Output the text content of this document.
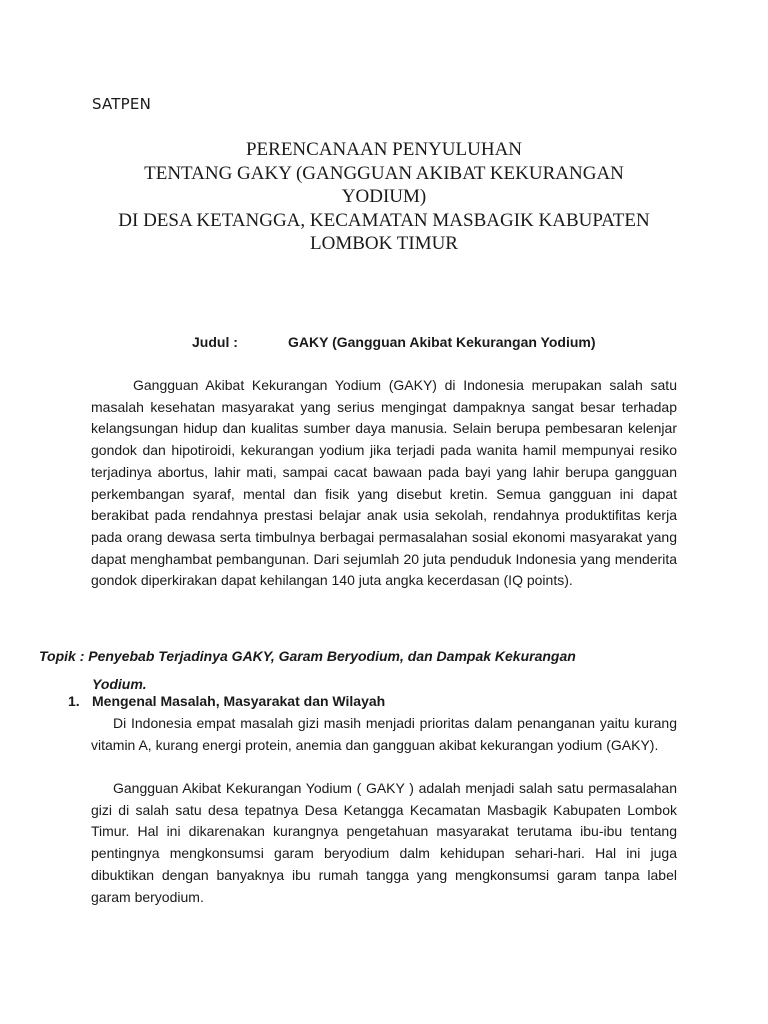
SATPEN
PERENCANAAN PENYULUHAN
TENTANG GAKY (GANGGUAN AKIBAT KEKURANGAN
YODIUM)
DI DESA KETANGGA, KECAMATAN MASBAGIK KABUPATEN
LOMBOK TIMUR
Judul :	GAKY (Gangguan Akibat Kekurangan Yodium)

Gangguan Akibat Kekurangan Yodium (GAKY) di Indonesia merupakan salah satu masalah kesehatan masyarakat yang serius mengingat dampaknya sangat besar terhadap kelangsungan hidup dan kualitas sumber daya manusia. Selain berupa pembesaran kelenjar gondok dan hipotiroidi, kekurangan yodium jika terjadi pada wanita hamil mempunyai resiko terjadinya abortus, lahir mati, sampai cacat bawaan pada bayi yang lahir berupa gangguan perkembangan syaraf, mental dan fisik yang disebut kretin. Semua gangguan ini dapat berakibat pada rendahnya prestasi belajar anak usia sekolah, rendahnya produktifitas kerja pada orang dewasa serta timbulnya berbagai permasalahan sosial ekonomi masyarakat yang dapat menghambat pembangunan. Dari sejumlah 20 juta penduduk Indonesia yang menderita gondok diperkirakan dapat kehilangan 140 juta angka kecerdasan (IQ points).

Topik : Penyebab Terjadinya GAKY, Garam Beryodium, dan Dampak Kekurangan
Yodium.
1. Mengenal Masalah, Masyarakat dan Wilayah

Di Indonesia empat masalah gizi masih menjadi prioritas dalam penanganan yaitu kurang vitamin A, kurang energi protein, anemia dan gangguan akibat kekurangan yodium (GAKY).

Gangguan Akibat Kekurangan Yodium ( GAKY ) adalah menjadi salah satu permasalahan gizi di salah satu desa tepatnya Desa Ketangga Kecamatan Masbagik Kabupaten Lombok Timur. Hal ini dikarenakan kurangnya pengetahuan masyarakat terutama ibu-ibu tentang pentingnya mengkonsumsi garam beryodium dalm kehidupan sehari-hari. Hal ini juga dibuktikan dengan banyaknya ibu rumah tangga yang mengkonsumsi garam tanpa label garam beryodium.
